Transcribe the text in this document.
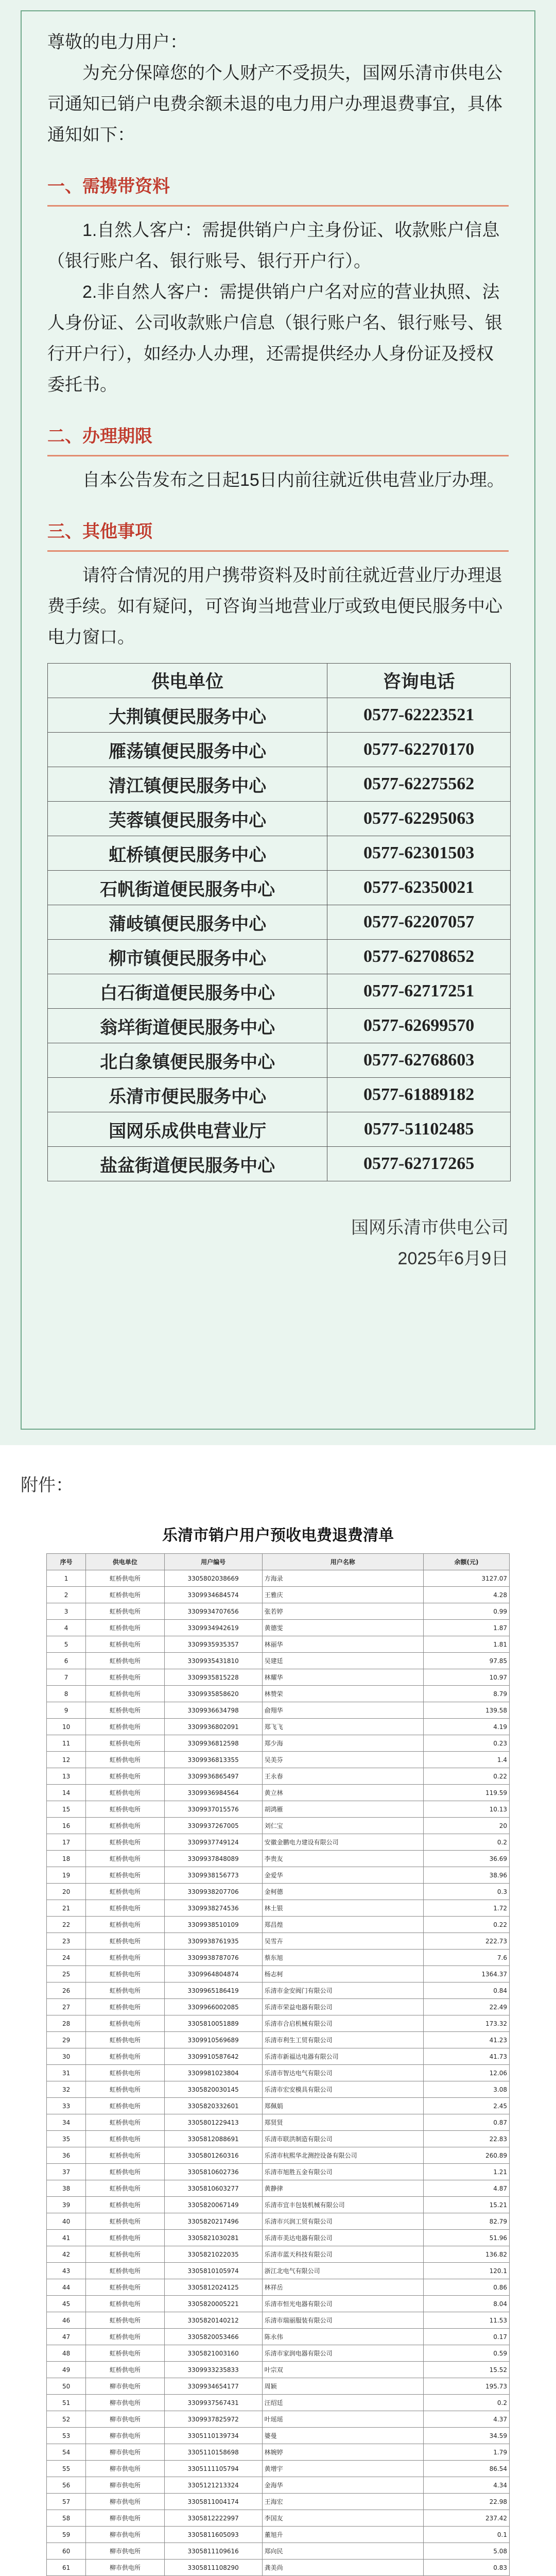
尊敬的电力用户：

为充分保障您的个人财产不受损失，国网乐清市供电公司通知已销户电费余额未退的电力用户办理退费事宜，具体通知如下：

一、需携带资料

1.自然人客户：需提供销户户主身份证、收款账户信息（银行账户名、银行账号、银行开户行）。

2.非自然人客户：需提供销户户名对应的营业执照、法人身份证、公司收款账户信息（银行账户名、银行账号、银行开户行），如经办人办理，还需提供经办人身份证及授权委托书。

二、办理期限

自本公告发布之日起15日内前往就近供电营业厅办理。

三、其他事项

请符合情况的用户携带资料及时前往就近营业厅办理退费手续。如有疑问，可咨询当地营业厅或致电便民服务中心电力窗口。

供电单位	咨询电话
大荆镇便民服务中心	0577-62223521
雁荡镇便民服务中心	0577-62270170
清江镇便民服务中心	0577-62275562
芙蓉镇便民服务中心	0577-62295063
虹桥镇便民服务中心	0577-62301503
石帆街道便民服务中心	0577-62350021
蒲岐镇便民服务中心	0577-62207057
柳市镇便民服务中心	0577-62708652
白石街道便民服务中心	0577-62717251
翁垟街道便民服务中心	0577-62699570
北白象镇便民服务中心	0577-62768603
乐清市便民服务中心	0577-61889182
国网乐成供电营业厅	0577-51102485
盐盆街道便民服务中心	0577-62717265
国网乐清市供电公司
2025年6月9日
附件：
乐清市销户用户预收电费退费清单
序号	供电单位	用户编号	用户名称	余额(元)
1	虹桥供电所	3305802038669	方海录	3127.07
2	虹桥供电所	3309934684574	王雅庆	4.28
3	虹桥供电所	3309934707656	张若婷	0.99
4	虹桥供电所	3309934942619	黄德雯	1.87
5	虹桥供电所	3309935935357	林丽华	1.81
6	虹桥供电所	3309935431810	吴建廷	97.85
7	虹桥供电所	3309935815228	林耀华	10.97
8	虹桥供电所	3309935858620	林赞荣	8.79
9	虹桥供电所	3309936634798	俞翔华	139.58
10	虹桥供电所	3309936802091	郑飞飞	4.19
11	虹桥供电所	3309936812598	郑少海	0.23
12	虹桥供电所	3309936813355	吴美芬	1.4
13	虹桥供电所	3309936865497	王永春	0.22
14	虹桥供电所	3309936984564	黄立林	119.59
15	虹桥供电所	3309937015576	胡鸿雁	10.13
16	虹桥供电所	3309937267005	刘仁宝	20
17	虹桥供电所	3309937749124	安徽金鹏电力建设有限公司	0.2
18	虹桥供电所	3309937848089	李贵友	36.69
19	虹桥供电所	3309938156773	金爱华	38.96
20	虹桥供电所	3309938207706	金柯德	0.3
21	虹桥供电所	3309938274536	林土银	1.72
22	虹桥供电所	3309938510109	郑昌煌	0.22
23	虹桥供电所	3309938761935	吴雪卉	222.73
24	虹桥供电所	3309938787076	蔡东旭	7.6
25	虹桥供电所	3309964804874	杨志柯	1364.37
26	虹桥供电所	3309965186419	乐清市金安阀门有限公司	0.84
27	虹桥供电所	3309966002085	乐清市荣益电器有限公司	22.49
28	虹桥供电所	3305810051889	乐清市合启机械有限公司	173.32
29	虹桥供电所	3309910569689	乐清市利生工贸有限公司	41.23
30	虹桥供电所	3309910587642	乐清市新福达电器有限公司	41.73
31	虹桥供电所	3309981023804	乐清市智达电气有限公司	12.06
32	虹桥供电所	3305820030145	乐清市宏安模具有限公司	3.08
33	虹桥供电所	3305820332601	郑佩娟	2.45
34	虹桥供电所	3305801229413	郑贤贤	0.87
35	虹桥供电所	3305812088691	乐清市联洪制造有限公司	22.83
36	虹桥供电所	3305801260316	乐清市杭熙华北测控设备有限公司	260.89
37	虹桥供电所	3305810602736	乐清市旭胜五金有限公司	1.21
38	虹桥供电所	3305810603277	黄静律	4.87
39	虹桥供电所	3305820067149	乐清市宜丰包装机械有限公司	15.21
40	虹桥供电所	3305820217496	乐清市兴润工贸有限公司	82.79
41	虹桥供电所	3305821030281	乐清市美达电器有限公司	51.96
42	虹桥供电所	3305821022035	乐清市蓝天科技有限公司	136.82
43	虹桥供电所	3305810105974	浙江北电气有限公司	120.1
44	虹桥供电所	3305812024125	林祥岳	0.86
45	虹桥供电所	3305820005221	乐清市恒光电器有限公司	8.04
46	虹桥供电所	3305820140212	乐清市瑞丽服装有限公司	11.53
47	虹桥供电所	3305820053466	陈永伟	0.17
48	虹桥供电所	3305821003160	乐清市家润电器有限公司	0.59
49	虹桥供电所	3309933235833	叶宗双	15.52
50	柳市供电所	3309934654177	周颖	195.73
51	柳市供电所	3309937567431	汪绍廷	0.2
52	柳市供电所	3309937825972	叶瑶瑶	4.37
53	柳市供电所	3305110139734	婆曼	34.59
54	柳市供电所	3305110158698	林婉婷	1.79
55	柳市供电所	3305111105794	黄增宇	86.54
56	柳市供电所	3305121213324	金海华	4.34
57	柳市供电所	3305811004174	王海宏	22.98
58	柳市供电所	3305812222997	李国友	237.42
59	柳市供电所	3305811605093	董旭升	0.1
60	柳市供电所	3305811109616	郑向民	5.08
61	柳市供电所	3305811108290	龚美尚	0.83
